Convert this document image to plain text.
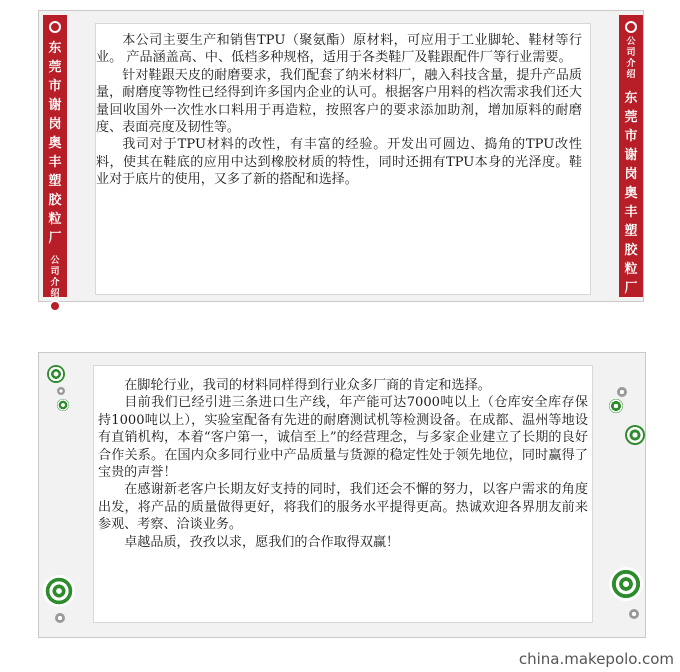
东
莞
市
谢
岗
奥
丰
塑
胶
粒
厂
公
司
介
绍
公
司
介
绍
东
莞
市
谢
岗
奥
丰
塑
胶
粒
厂

本公司主要生产和销售TPU（聚氨酯）原材料，可应用于工业脚轮、鞋材等行业。 产品涵盖高、中、低档多种规格，适用于各类鞋厂及鞋跟配件厂等行业需要。

针对鞋跟天皮的耐磨要求，我们配套了纳米材料厂，融入科技含量，提升产品质量，耐磨度等物性已经得到许多国内企业的认可。根据客户用料的档次需求我们还大量回收国外一次性水口料用于再造粒，按照客户的要求添加助剂，增加原料的耐磨度、表面亮度及韧性等。

我司对于TPU材料的改性，有丰富的经验。开发出可圆边、捣角的TPU改性料，使其在鞋底的应用中达到橡胶材质的特性，同时还拥有TPU本身的光泽度。鞋业对于底片的使用，又多了新的搭配和选择。

在脚轮行业，我司的材料同样得到行业众多厂商的肯定和选择。

目前我们已经引进三条进口生产线，年产能可达7000吨以上（仓库安全库存保持1000吨以上），实验室配备有先进的耐磨测试机等检测设备。在成都、温州等地设有直销机构，本着“客户第一，诚信至上”的经营理念，与多家企业建立了长期的良好合作关系。在国内众多同行业中产品质量与货源的稳定性处于领先地位，同时赢得了宝贵的声誉！

在感谢新老客户长期友好支持的同时，我们还会不懈的努力，以客户需求的角度出发，将产品的质量做得更好，将我们的服务水平提得更高。热诚欢迎各界朋友前来参观、考察、洽谈业务。

卓越品质，孜孜以求，愿我们的合作取得双赢！

china.makepolo.com
